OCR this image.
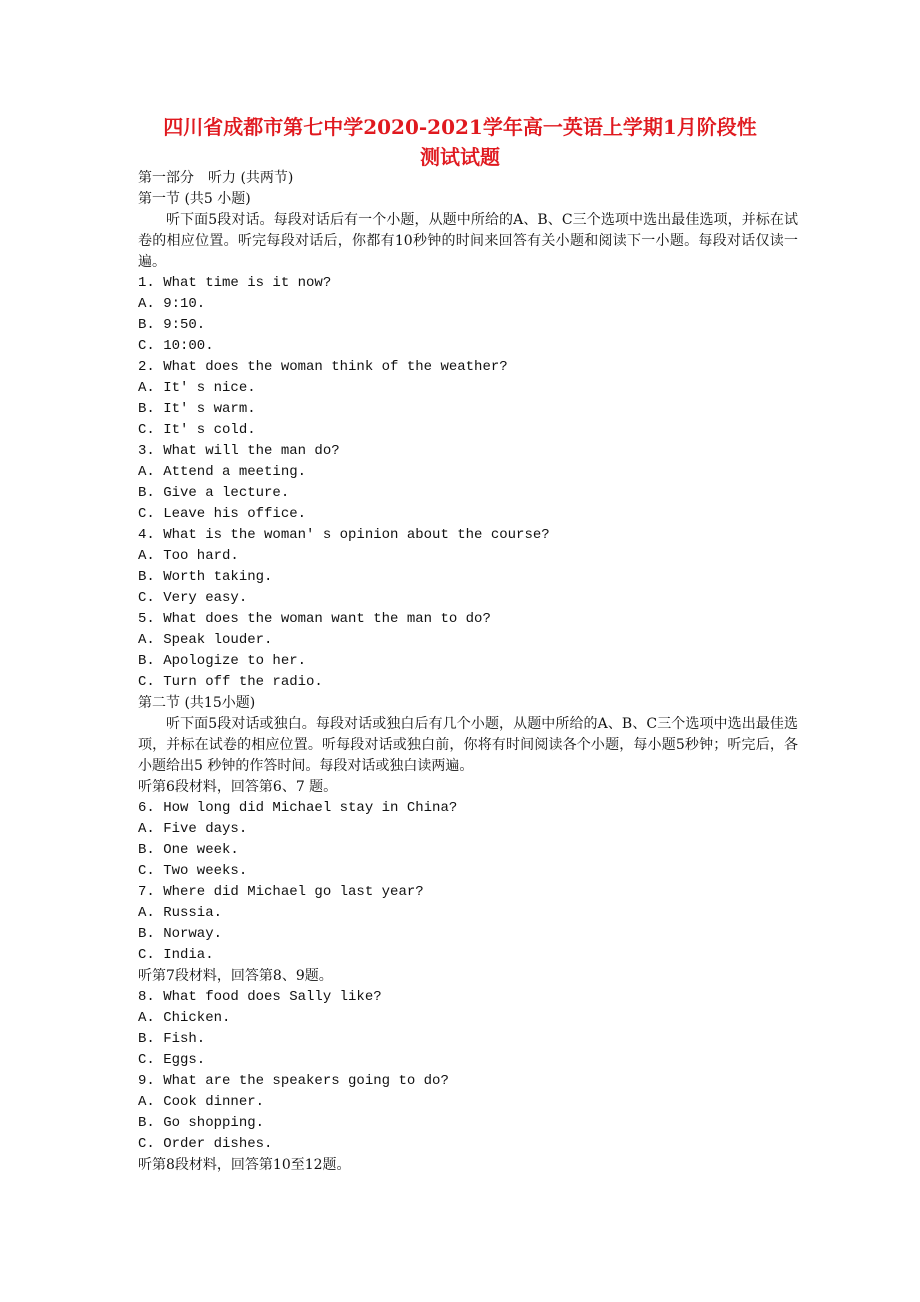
四川省成都市第七中学2020-2021学年高一英语上学期1月阶段性
测试试题
第一部分　听力 (共两节)
第一节 (共5 小题)
听下面5段对话。每段对话后有一个小题，从题中所给的A、B、C三个选项中选出最佳选项，并标在试卷的相应位置。听完每段对话后，你都有10秒钟的时间来回答有关小题和阅读下一小题。每段对话仅读一遍。
1. What time is it now?
A. 9:10.
B. 9:50.
C. 10:00.
2. What does the woman think of the weather?
A. It′ s nice.
B. It′ s warm.
C. It′ s cold.
3. What will the man do?
A. Attend a meeting.
B. Give a lecture.
C. Leave his office.
4. What is the woman′ s opinion about the course?
A. Too hard.
B. Worth taking.
C. Very easy.
5. What does the woman want the man to do?
A. Speak louder.
B. Apologize to her.
C. Turn off the radio.
第二节 (共15小题)
听下面5段对话或独白。每段对话或独白后有几个小题，从题中所给的A、B、C三个选项中选出最佳选项，并标在试卷的相应位置。听每段对话或独白前，你将有时间阅读各个小题，每小题5秒钟；听完后，各小题给出5 秒钟的作答时间。每段对话或独白读两遍。
听第6段材料，回答第6、7 题。
6. How long did Michael stay in China?
A. Five days.
B. One week.
C. Two weeks.
7. Where did Michael go last year?
A. Russia.
B. Norway.
C. India.
听第7段材料，回答第8、9题。
8. What food does Sally like?
A. Chicken.
B. Fish.
C. Eggs.
9. What are the speakers going to do?
A. Cook dinner.
B. Go shopping.
C. Order dishes.
听第8段材料，回答第10至12题。
